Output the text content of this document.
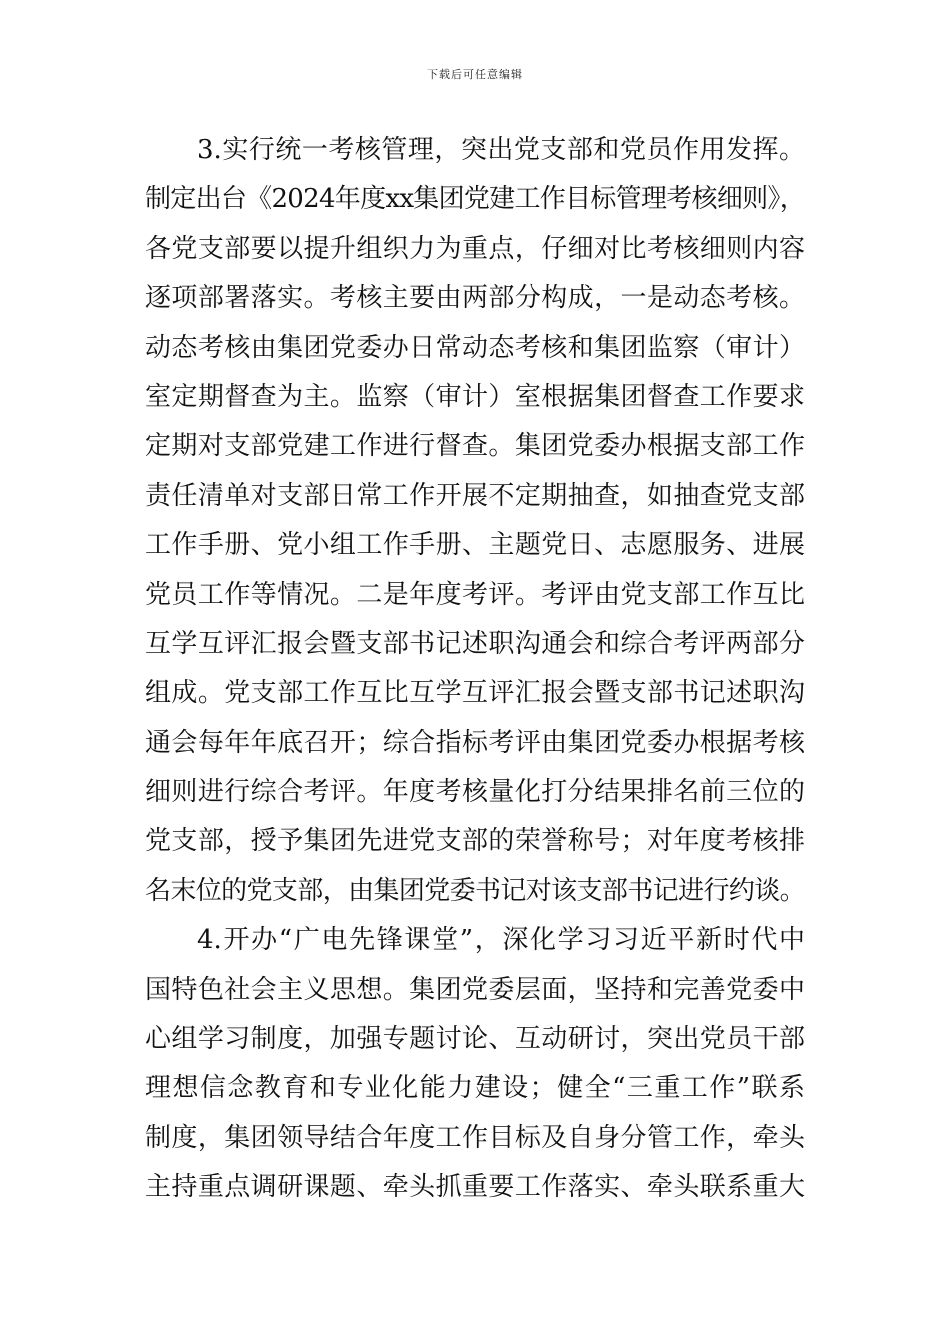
下载后可任意编辑
3.实行统一考核管理，突出党支部和党员作用发挥。
制定出台《2024年度xx集团党建工作目标管理考核细则》，
各党支部要以提升组织力为重点，仔细对比考核细则内容
逐项部署落实。考核主要由两部分构成，一是动态考核。
动态考核由集团党委办日常动态考核和集团监察（审计）
室定期督查为主。监察（审计）室根据集团督查工作要求
定期对支部党建工作进行督查。集团党委办根据支部工作
责任清单对支部日常工作开展不定期抽查，如抽查党支部
工作手册、党小组工作手册、主题党日、志愿服务、进展
党员工作等情况。二是年度考评。考评由党支部工作互比
互学互评汇报会暨支部书记述职沟通会和综合考评两部分
组成。党支部工作互比互学互评汇报会暨支部书记述职沟
通会每年年底召开；综合指标考评由集团党委办根据考核
细则进行综合考评。年度考核量化打分结果排名前三位的
党支部，授予集团先进党支部的荣誉称号；对年度考核排
名末位的党支部，由集团党委书记对该支部书记进行约谈。
4.开办“广电先锋课堂”，深化学习习近平新时代中
国特色社会主义思想。集团党委层面，坚持和完善党委中
心组学习制度，加强专题讨论、互动研讨，突出党员干部
理想信念教育和专业化能力建设；健全“三重工作”联系
制度，集团领导结合年度工作目标及自身分管工作，牵头
主持重点调研课题、牵头抓重要工作落实、牵头联系重大
